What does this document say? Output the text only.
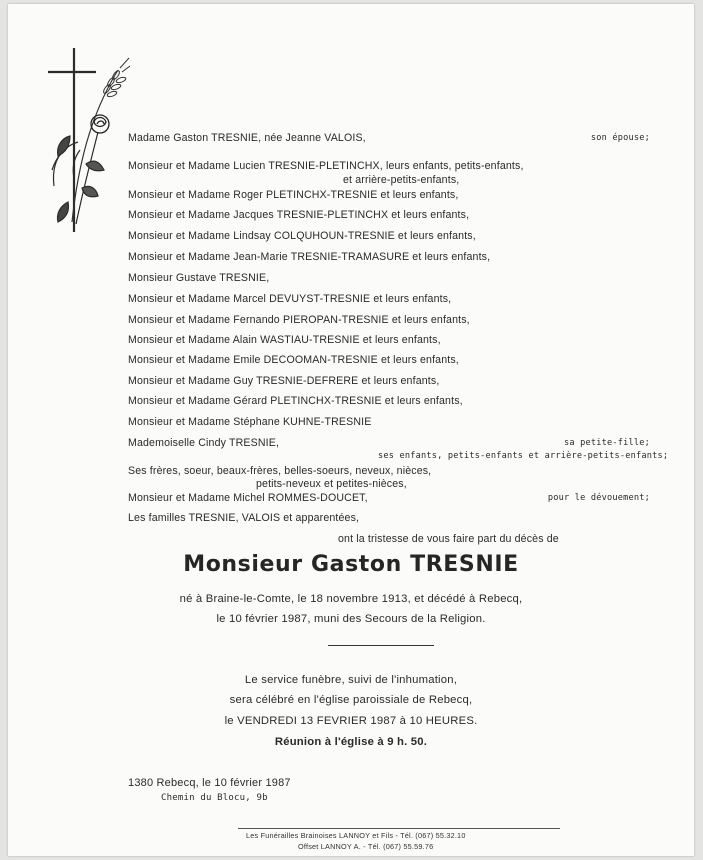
Madame Gaston TRESNIE, née Jeanne VALOIS,	son épouse;
Monsieur et Madame Lucien TRESNIE-PLETINCHX, leurs enfants, petits-enfants,
et arrière-petits-enfants,
Monsieur et Madame Roger PLETINCHX-TRESNIE et leurs enfants,
Monsieur et Madame Jacques TRESNIE-PLETINCHX et leurs enfants,
Monsieur et Madame Lindsay COLQUHOUN-TRESNIE et leurs enfants,
Monsieur et Madame Jean-Marie TRESNIE-TRAMASURE et leurs enfants,
Monsieur Gustave TRESNIE,
Monsieur et Madame Marcel DEVUYST-TRESNIE et leurs enfants,
Monsieur et Madame Fernando PIEROPAN-TRESNIE et leurs enfants,
Monsieur et Madame Alain WASTIAU-TRESNIE et leurs enfants,
Monsieur et Madame Emile DECOOMAN-TRESNIE et leurs enfants,
Monsieur et Madame Guy TRESNIE-DEFRERE et leurs enfants,
Monsieur et Madame Gérard PLETINCHX-TRESNIE et leurs enfants,
Monsieur et Madame Stéphane KUHNE-TRESNIE
Mademoiselle Cindy TRESNIE,	sa petite-fille;
ses enfants, petits-enfants et arrière-petits-enfants;
Ses frères, soeur, beaux-frères, belles-soeurs, neveux, nièces,
petits-neveux et petites-nièces,
Monsieur et Madame Michel ROMMES-DOUCET,	pour le dévouement;
Les familles TRESNIE, VALOIS et apparentées,
ont la tristesse de vous faire part du décès de
Monsieur Gaston TRESNIE
né à Braine-le-Comte, le 18 novembre 1913, et décédé à Rebecq,
le 10 février 1987, muni des Secours de la Religion.
Le service funèbre, suivi de l'inhumation,
sera célébré en l'église paroissiale de Rebecq,
le VENDREDI 13 FEVRIER 1987 à 10 HEURES.
Réunion à l'église à 9 h. 50.
1380 Rebecq, le 10 février 1987
Chemin du Blocu, 9b
Les Funérailles Brainoises LANNOY et Fils - Tél. (067) 55.32.10
Offset LANNOY A. - Tél. (067) 55.59.76
